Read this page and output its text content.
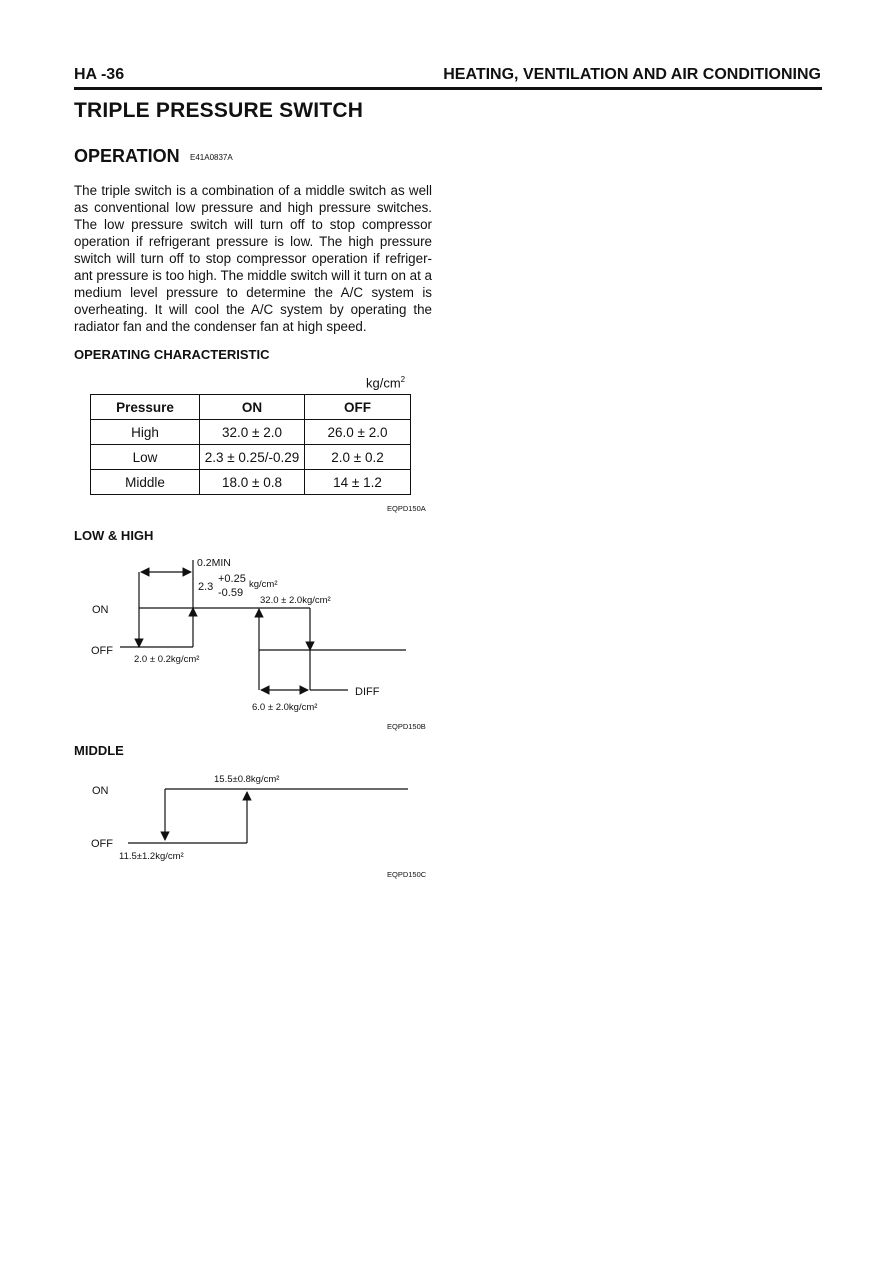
HA -36	HEATING, VENTILATION AND AIR CONDITIONING
TRIPLE PRESSURE SWITCH
OPERATION E41A0837A

The triple switch is a combination of a middle switch as well as conventional low pressure and high pressure switches. The low pressure switch will turn off to stop compressor operation if refrigerant pressure is low. The high pressure switch will turn off to stop compressor operation if refriger-ant pressure is too high. The middle switch will it turn on at a medium level pressure to determine the A/C system is overheating. It will cool the A/C system by operating the radiator fan and the condenser fan at high speed.

OPERATING CHARACTERISTIC
$kg/cm^2$
Pressure	ON	OFF
High	32.0 ± 2.0	26.0 ± 2.0
Low	2.3 ± 0.25/-0.29	2.0 ± 0.2
Middle	18.0 ± 0.8	14 ± 1.2
EQPD150A
LOW & HIGH
ON
OFF
0.2MIN
2.3
+0.25
-0.59
kg/cm²
32.0 ± 2.0kg/cm²
2.0 ± 0.2kg/cm²
DIFF
6.0 ± 2.0kg/cm²
EQPD150B
MIDDLE
ON
OFF
15.5±0.8kg/cm²
11.5±1.2kg/cm²
EQPD150C
